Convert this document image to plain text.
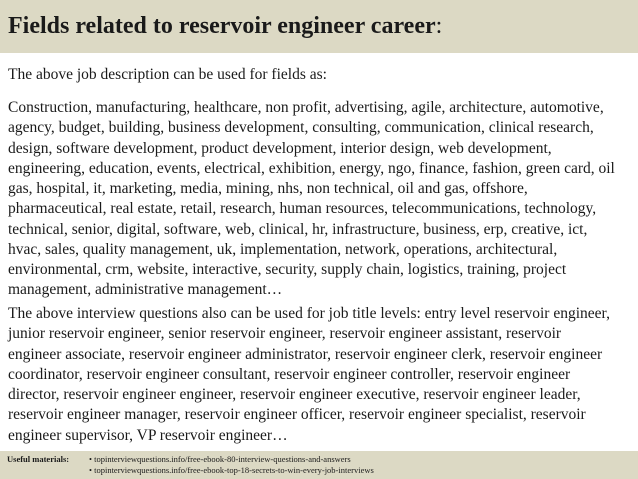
Fields related to reservoir engineer career:

The above job description can be used for fields as:

Construction, manufacturing, healthcare, non profit, advertising, agile, architecture, automotive,
agency, budget, building, business development, consulting, communication, clinical research,
design, software development, product development, interior design, web development,
engineering, education, events, electrical, exhibition, energy, ngo, finance, fashion, green card, oil
gas, hospital, it, marketing, media, mining, nhs, non technical, oil and gas, offshore,
pharmaceutical, real estate, retail, research, human resources, telecommunications, technology,
technical, senior, digital, software, web, clinical, hr, infrastructure, business, erp, creative, ict,
hvac, sales, quality management, uk, implementation, network, operations, architectural,
environmental, crm, website, interactive, security, supply chain, logistics, training, project
management, administrative management…

The above interview questions also can be used for job title levels: entry level reservoir engineer,
junior reservoir engineer, senior reservoir engineer, reservoir engineer assistant, reservoir
engineer associate, reservoir engineer administrator, reservoir engineer clerk, reservoir engineer
coordinator, reservoir engineer consultant, reservoir engineer controller, reservoir engineer
director, reservoir engineer engineer, reservoir engineer executive, reservoir engineer leader,
reservoir engineer manager, reservoir engineer officer, reservoir engineer specialist, reservoir
engineer supervisor, VP reservoir engineer…

Useful materials:	• topinterviewquestions.info/free-ebook-80-interview-questions-and-answers
• topinterviewquestions.info/free-ebook-top-18-secrets-to-win-every-job-interviews
